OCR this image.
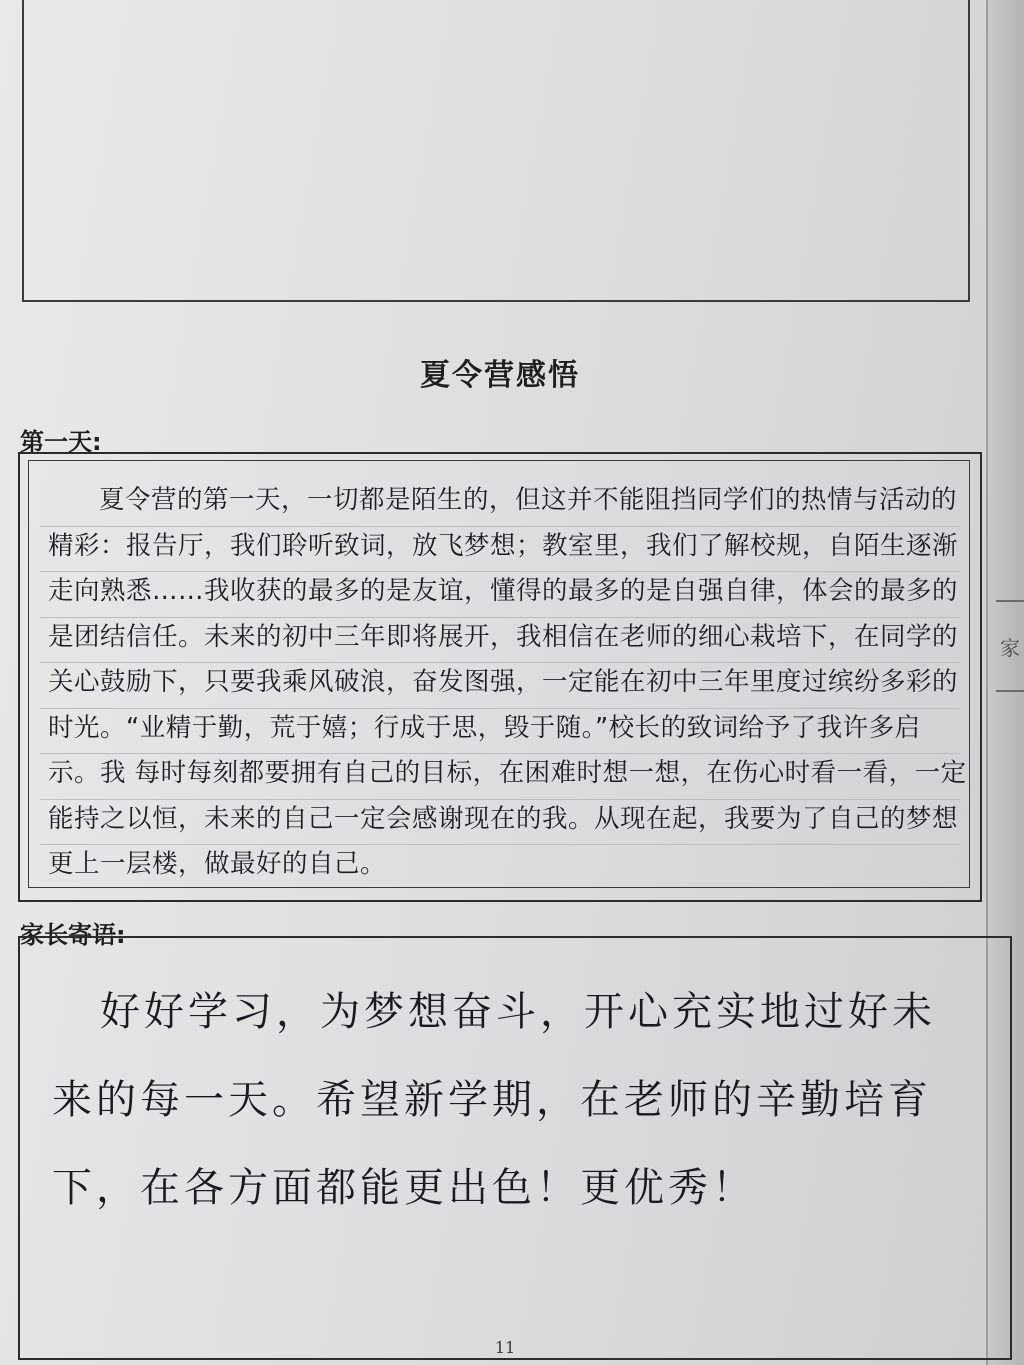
家
夏令营感悟
第一天:
夏令营的第一天，一切都是陌生的，但这并不能阻挡同学们的热情与活动的精彩：报告厅，我们聆听致词，放飞梦想；教室里，我们了解校规，自陌生逐渐走向熟悉……我收获的最多的是友谊，懂得的最多的是自强自律，体会的最多的是团结信任。未来的初中三年即将展开，我相信在老师的细心栽培下，在同学的关心鼓励下，只要我乘风破浪，奋发图强，一定能在初中三年里度过缤纷多彩的时光。“业精于勤，荒于嬉；行成于思，毁于随。”校长的致词给予了我许多启示。我 每时每刻都要拥有自己的目标，在困难时想一想，在伤心时看一看，一定能持之以恒，未来的自己一定会感谢现在的我。从现在起，我要为了自己的梦想更上一层楼，做最好的自己。
家长寄语:
好好学习，为梦想奋斗，开心充实地过好未来的每一天。希望新学期，在老师的辛勤培育下，在各方面都能更出色！更优秀！
11
